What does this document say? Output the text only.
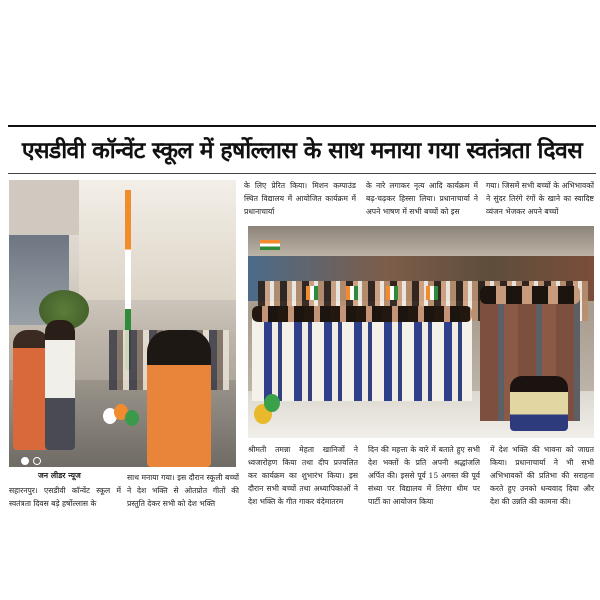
एसडीवी कॉन्वेंट स्कूल में हर्षोल्लास के साथ मनाया गया स्वतंत्रता दिवस
के लिए प्रेरित किया। मिशन कम्पाउंड स्थित विद्यालय में आयोजित कार्यक्रम में प्रधानाचार्या
के नारे लगाकर नृत्य आदि कार्यक्रम में बढ़-चढ़कर हिस्सा लिया। प्रधानाचार्या ने अपने भाषण में सभी बच्चों को इस
गया। जिसमें सभी बच्चों के अभिभावकों ने सुंदर तिरंगे रंगों के खाने का स्वादिष्ट व्यंजन भेजकर अपने बच्चों
श्रीमती तमन्ना मेहता खानिजों ने ध्वजारोहण किया तथा दीप प्रज्वलित कर कार्यक्रम का शुभारंभ किया। इस दौरान सभी बच्चों तथा अध्यापिकाओं ने देश भक्ति के गीत गाकर वंदेमातरम
दिन की महत्ता के बारे में बताते हुए सभी देश भक्तों के प्रति अपनी श्रद्धांजलि अर्पित की। इससे पूर्व 15 अगस्त की पूर्व संध्या पर विद्यालय में तिरंगा थीम पर पार्टी का आयोजन किया
में देश भक्ति की भावना को जाग्रत किया। प्रधानाचार्या ने भी सभी अभिभावकों की प्रतिभा की सराहना करते हुए उनको धन्यवाद दिया और देश की उन्नति की कामना की।
जन लीडर न्यूज
सहारनपुर। एसडीवी कॉन्वेंट स्कूल में स्वतंत्रता दिवस बड़े हर्षोल्लास के
साथ मनाया गया। इस दौरान स्कूली बच्चों ने देश भक्ति से ओतप्रोत गीतों की प्रस्तुति देकर सभी को देश भक्ति
